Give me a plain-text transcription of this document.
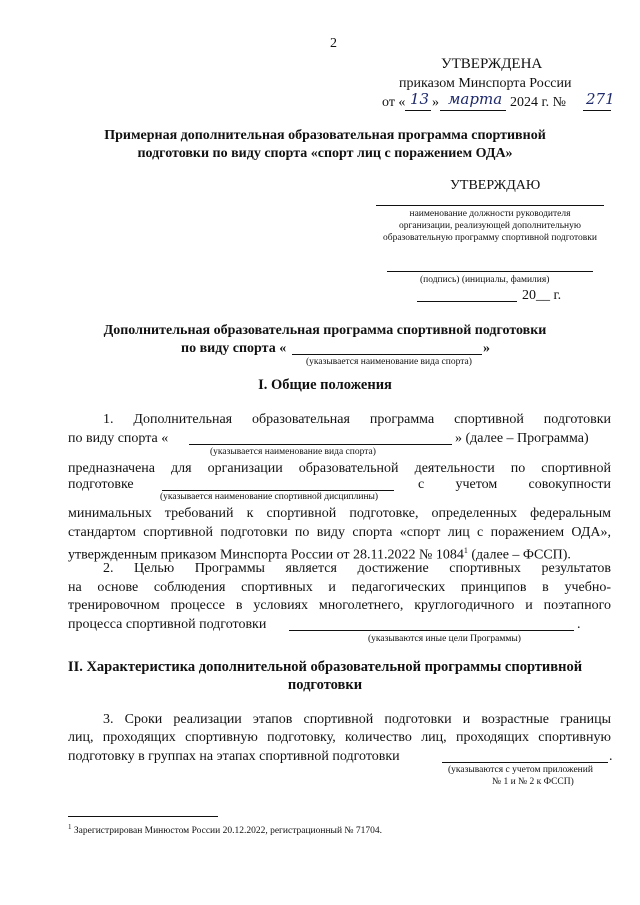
2
УТВЕРЖДЕНА
приказом Минспорта России
от « 13 » марта 2024 г. № 271
Примерная дополнительная образовательная программа спортивной
подготовки по виду спорта «спорт лиц с поражением ОДА»
УТВЕРЖДАЮ
наименование должности руководителя
организации, реализующей дополнительную
образовательную программу спортивной подготовки
(подпись) (инициалы, фамилия)
20__ г.
Дополнительная образовательная программа спортивной подготовки
по виду спорта «	»
(указывается наименование вида спорта)
I. Общие положения
1. Дополнительная образовательная программа спортивной подготовки
по виду спорта «	» (далее – Программа)
(указывается наименование вида спорта)
предназначена для организации образовательной деятельности по спортивной
подготовке	с учетом совокупности
(указывается наименование спортивной дисциплины)
минимальных требований к спортивной подготовке, определенных федеральным
стандартом спортивной подготовки по виду спорта «спорт лиц с поражением ОДА»,
утвержденным приказом Минспорта России от 28.11.2022 № 1084$^1$ (далее – ФССП).
2. Целью Программы является достижение спортивных результатов
на основе соблюдения спортивных и педагогических принципов в учебно-
тренировочном процессе в условиях многолетнего, круглогодичного и поэтапного
процесса спортивной подготовки	.
(указываются иные цели Программы)
II. Характеристика дополнительной образовательной программы спортивной
подготовки
3. Сроки реализации этапов спортивной подготовки и возрастные границы
лиц, проходящих спортивную подготовку, количество лиц, проходящих спортивную
подготовку в группах на этапах спортивной подготовки	.
(указываются с учетом приложений
№ 1 и № 2 к ФССП)
$^1$ Зарегистрирован Минюстом России 20.12.2022, регистрационный № 71704.
